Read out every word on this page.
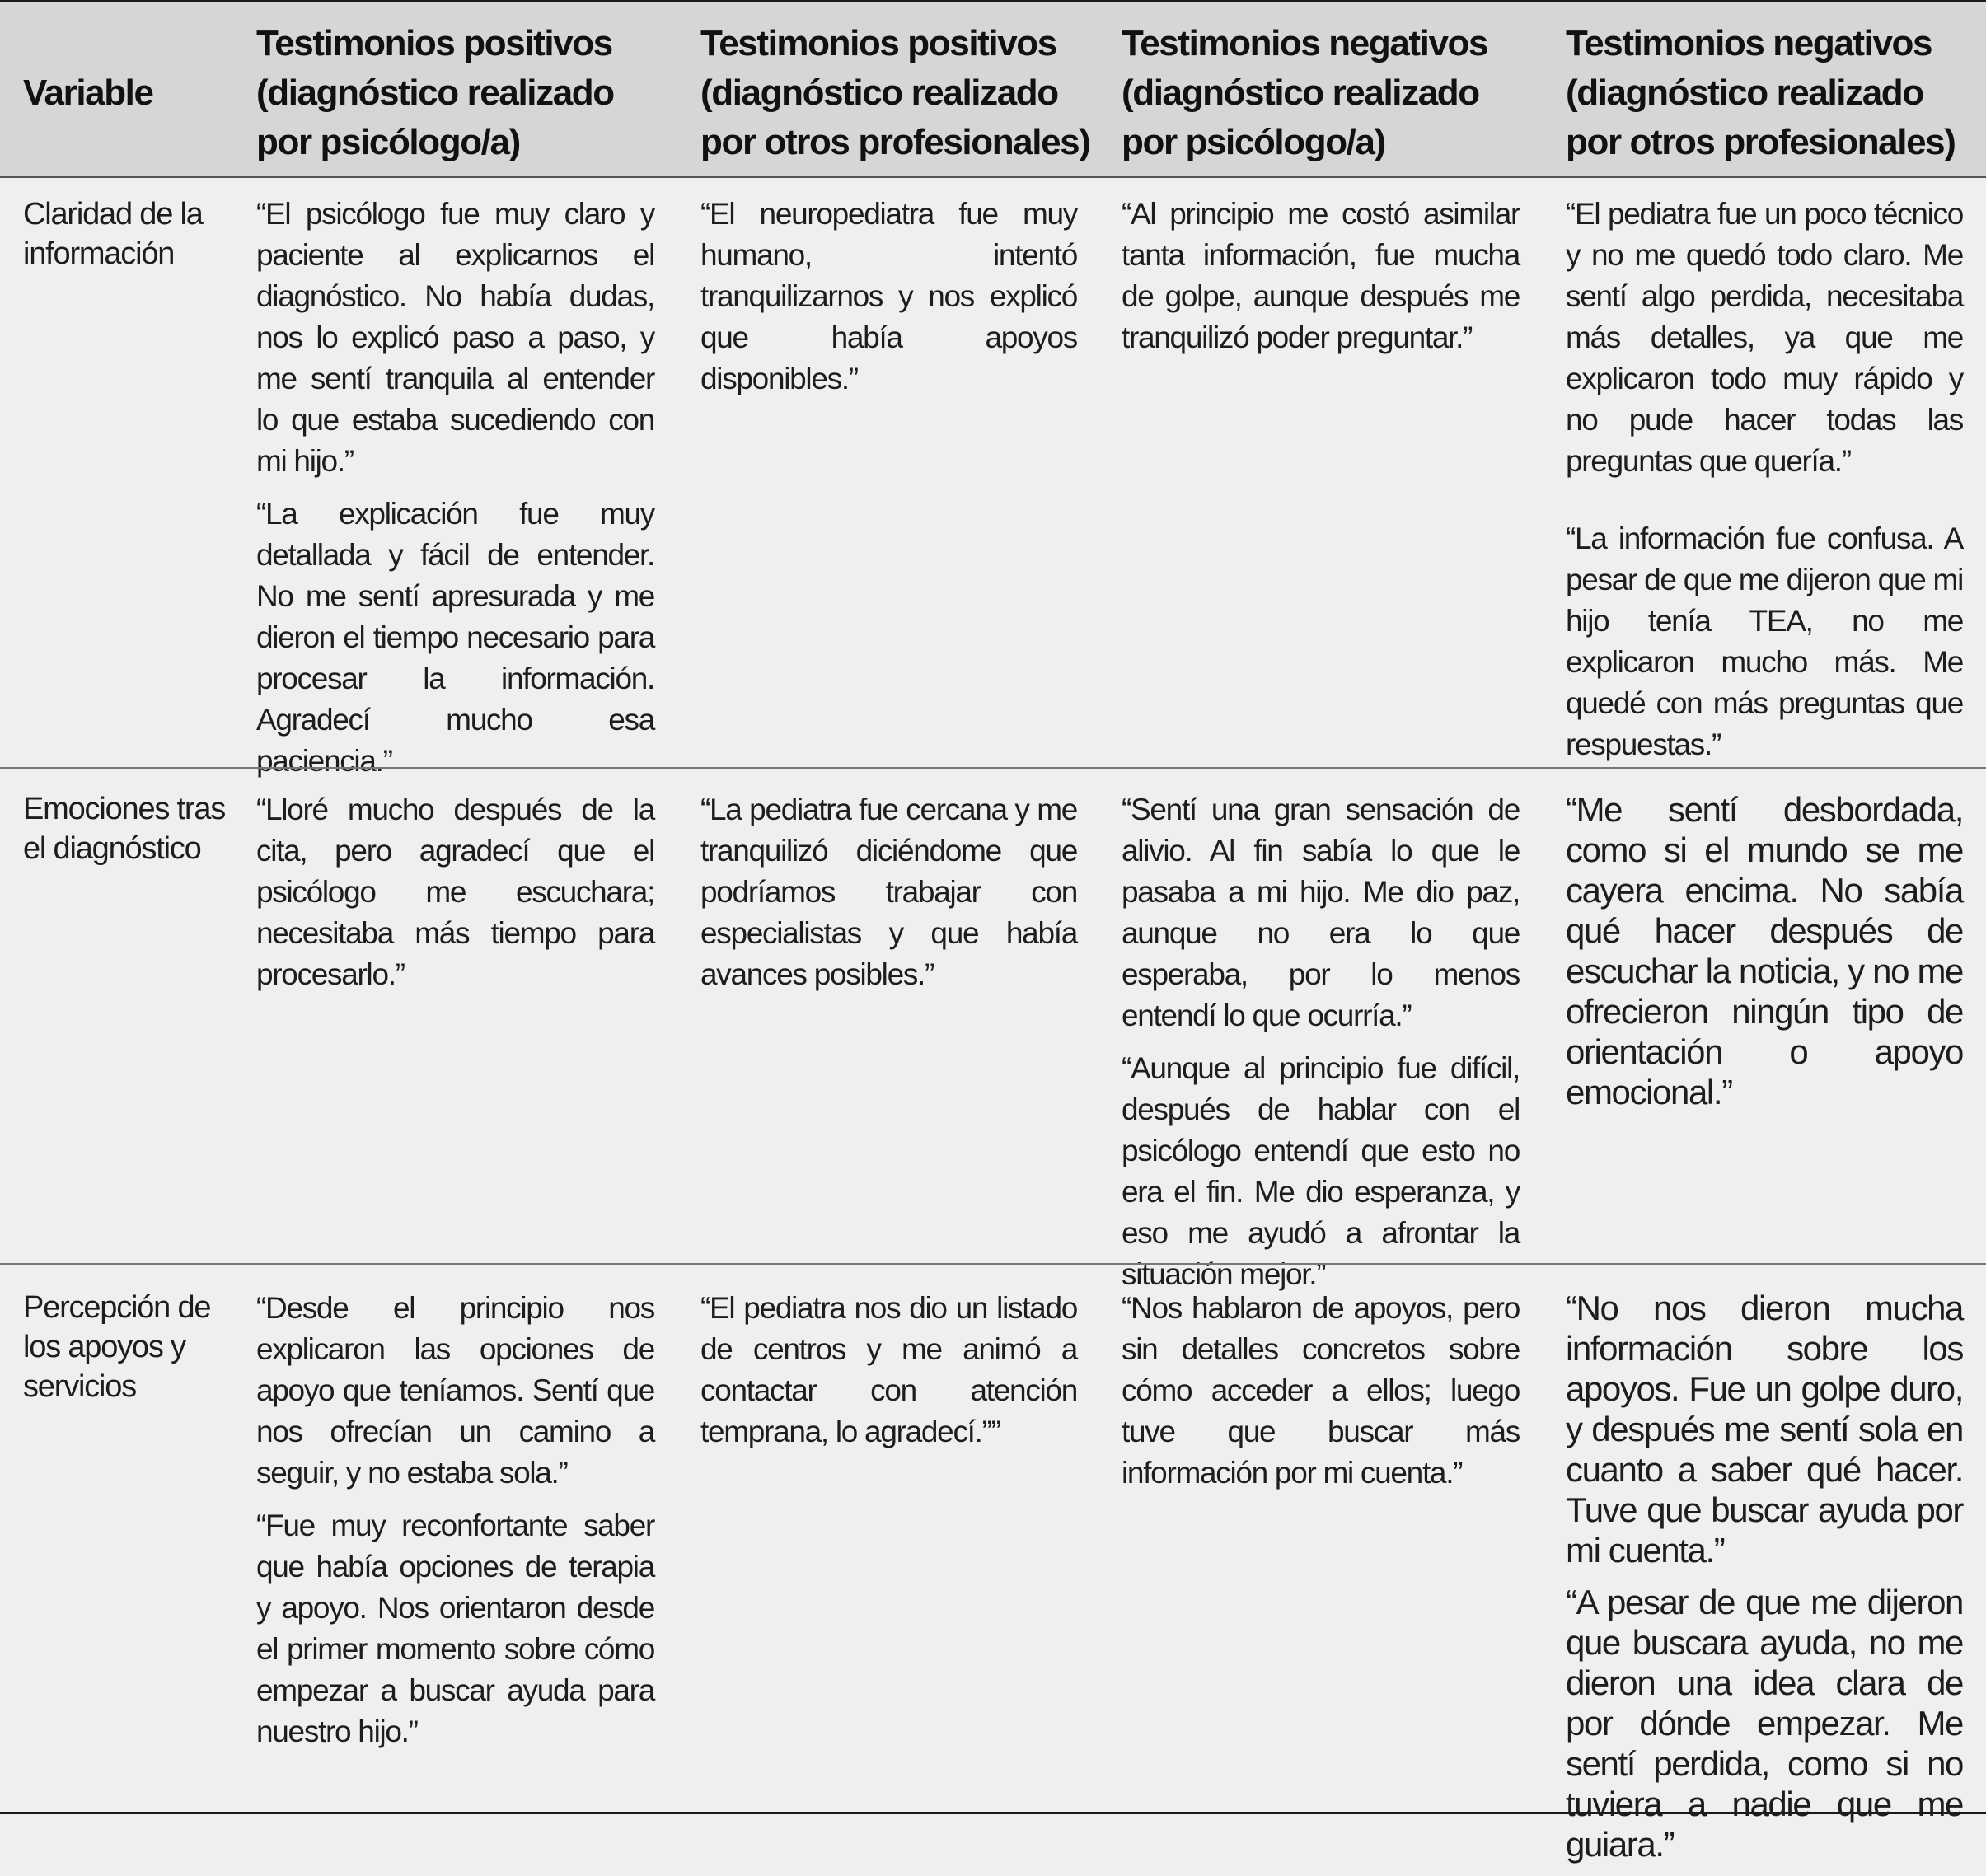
Variable
Testimonios positivos
(diagnóstico realizado
por psicólogo/a)
Testimonios positivos
(diagnóstico realizado
por otros profesionales)
Testimonios negativos
(diagnóstico realizado
por psicólogo/a)
Testimonios negativos
(diagnóstico realizado
por otros profesionales)
Claridad de la información

“El psicólogo fue muy claro y paciente al explicarnos el diagnóstico. No había dudas, nos lo explicó paso a paso, y me sentí tranquila al entender lo que estaba sucediendo con mi hijo.”

“La explicación fue muy detallada y fácil de entender. No me sentí apresurada y me dieron el tiempo necesario para procesar la información. Agradecí mucho esa paciencia.”

“El neuropediatra fue muy humano, intentó tranquilizarnos y nos explicó que había apoyos disponibles.”

“Al principio me costó asimilar tanta información, fue mucha de golpe, aunque después me tranquilizó poder preguntar.”

“El pediatra fue un poco técnico y no me quedó todo claro. Me sentí algo perdida, necesitaba más detalles, ya que me explicaron todo muy rápido y no pude hacer todas las preguntas que quería.”

“La información fue confusa. A pesar de que me dijeron que mi hijo tenía TEA, no me explicaron mucho más. Me quedé con más preguntas que respuestas.”

Emociones tras el diagnóstico

“Lloré mucho después de la cita, pero agradecí que el psicólogo me escuchara; necesitaba más tiempo para procesarlo.”

“La pediatra fue cercana y me tranquilizó diciéndome que podríamos trabajar con especialistas y que había avances posibles.”

“Sentí una gran sensación de alivio. Al fin sabía lo que le pasaba a mi hijo. Me dio paz, aunque no era lo que esperaba, por lo menos entendí lo que ocurría.”

“Aunque al principio fue difícil, después de hablar con el psicólogo entendí que esto no era el fin. Me dio esperanza, y eso me ayudó a afrontar la situación mejor.”

“Me sentí desbordada, como si el mundo se me cayera encima. No sabía qué hacer después de escuchar la noticia, y no me ofrecieron ningún tipo de orientación o apoyo emocional.”

Percepción de los apoyos y servicios

“Desde el principio nos explicaron las opciones de apoyo que teníamos. Sentí que nos ofrecían un camino a seguir, y no estaba sola.”

“Fue muy reconfortante saber que había opciones de terapia y apoyo. Nos orientaron desde el primer momento sobre cómo empezar a buscar ayuda para nuestro hijo.”

“El pediatra nos dio un listado de centros y me animó a contactar con atención temprana, lo agradecí.””

“Nos hablaron de apoyos, pero sin detalles concretos sobre cómo acceder a ellos; luego tuve que buscar más información por mi cuenta.”

“No nos dieron mucha información sobre los apoyos. Fue un golpe duro, y después me sentí sola en cuanto a saber qué hacer. Tuve que buscar ayuda por mi cuenta.”

“A pesar de que me dijeron que buscara ayuda, no me dieron una idea clara de por dónde empezar. Me sentí perdida, como si no tuviera a nadie que me guiara.”
